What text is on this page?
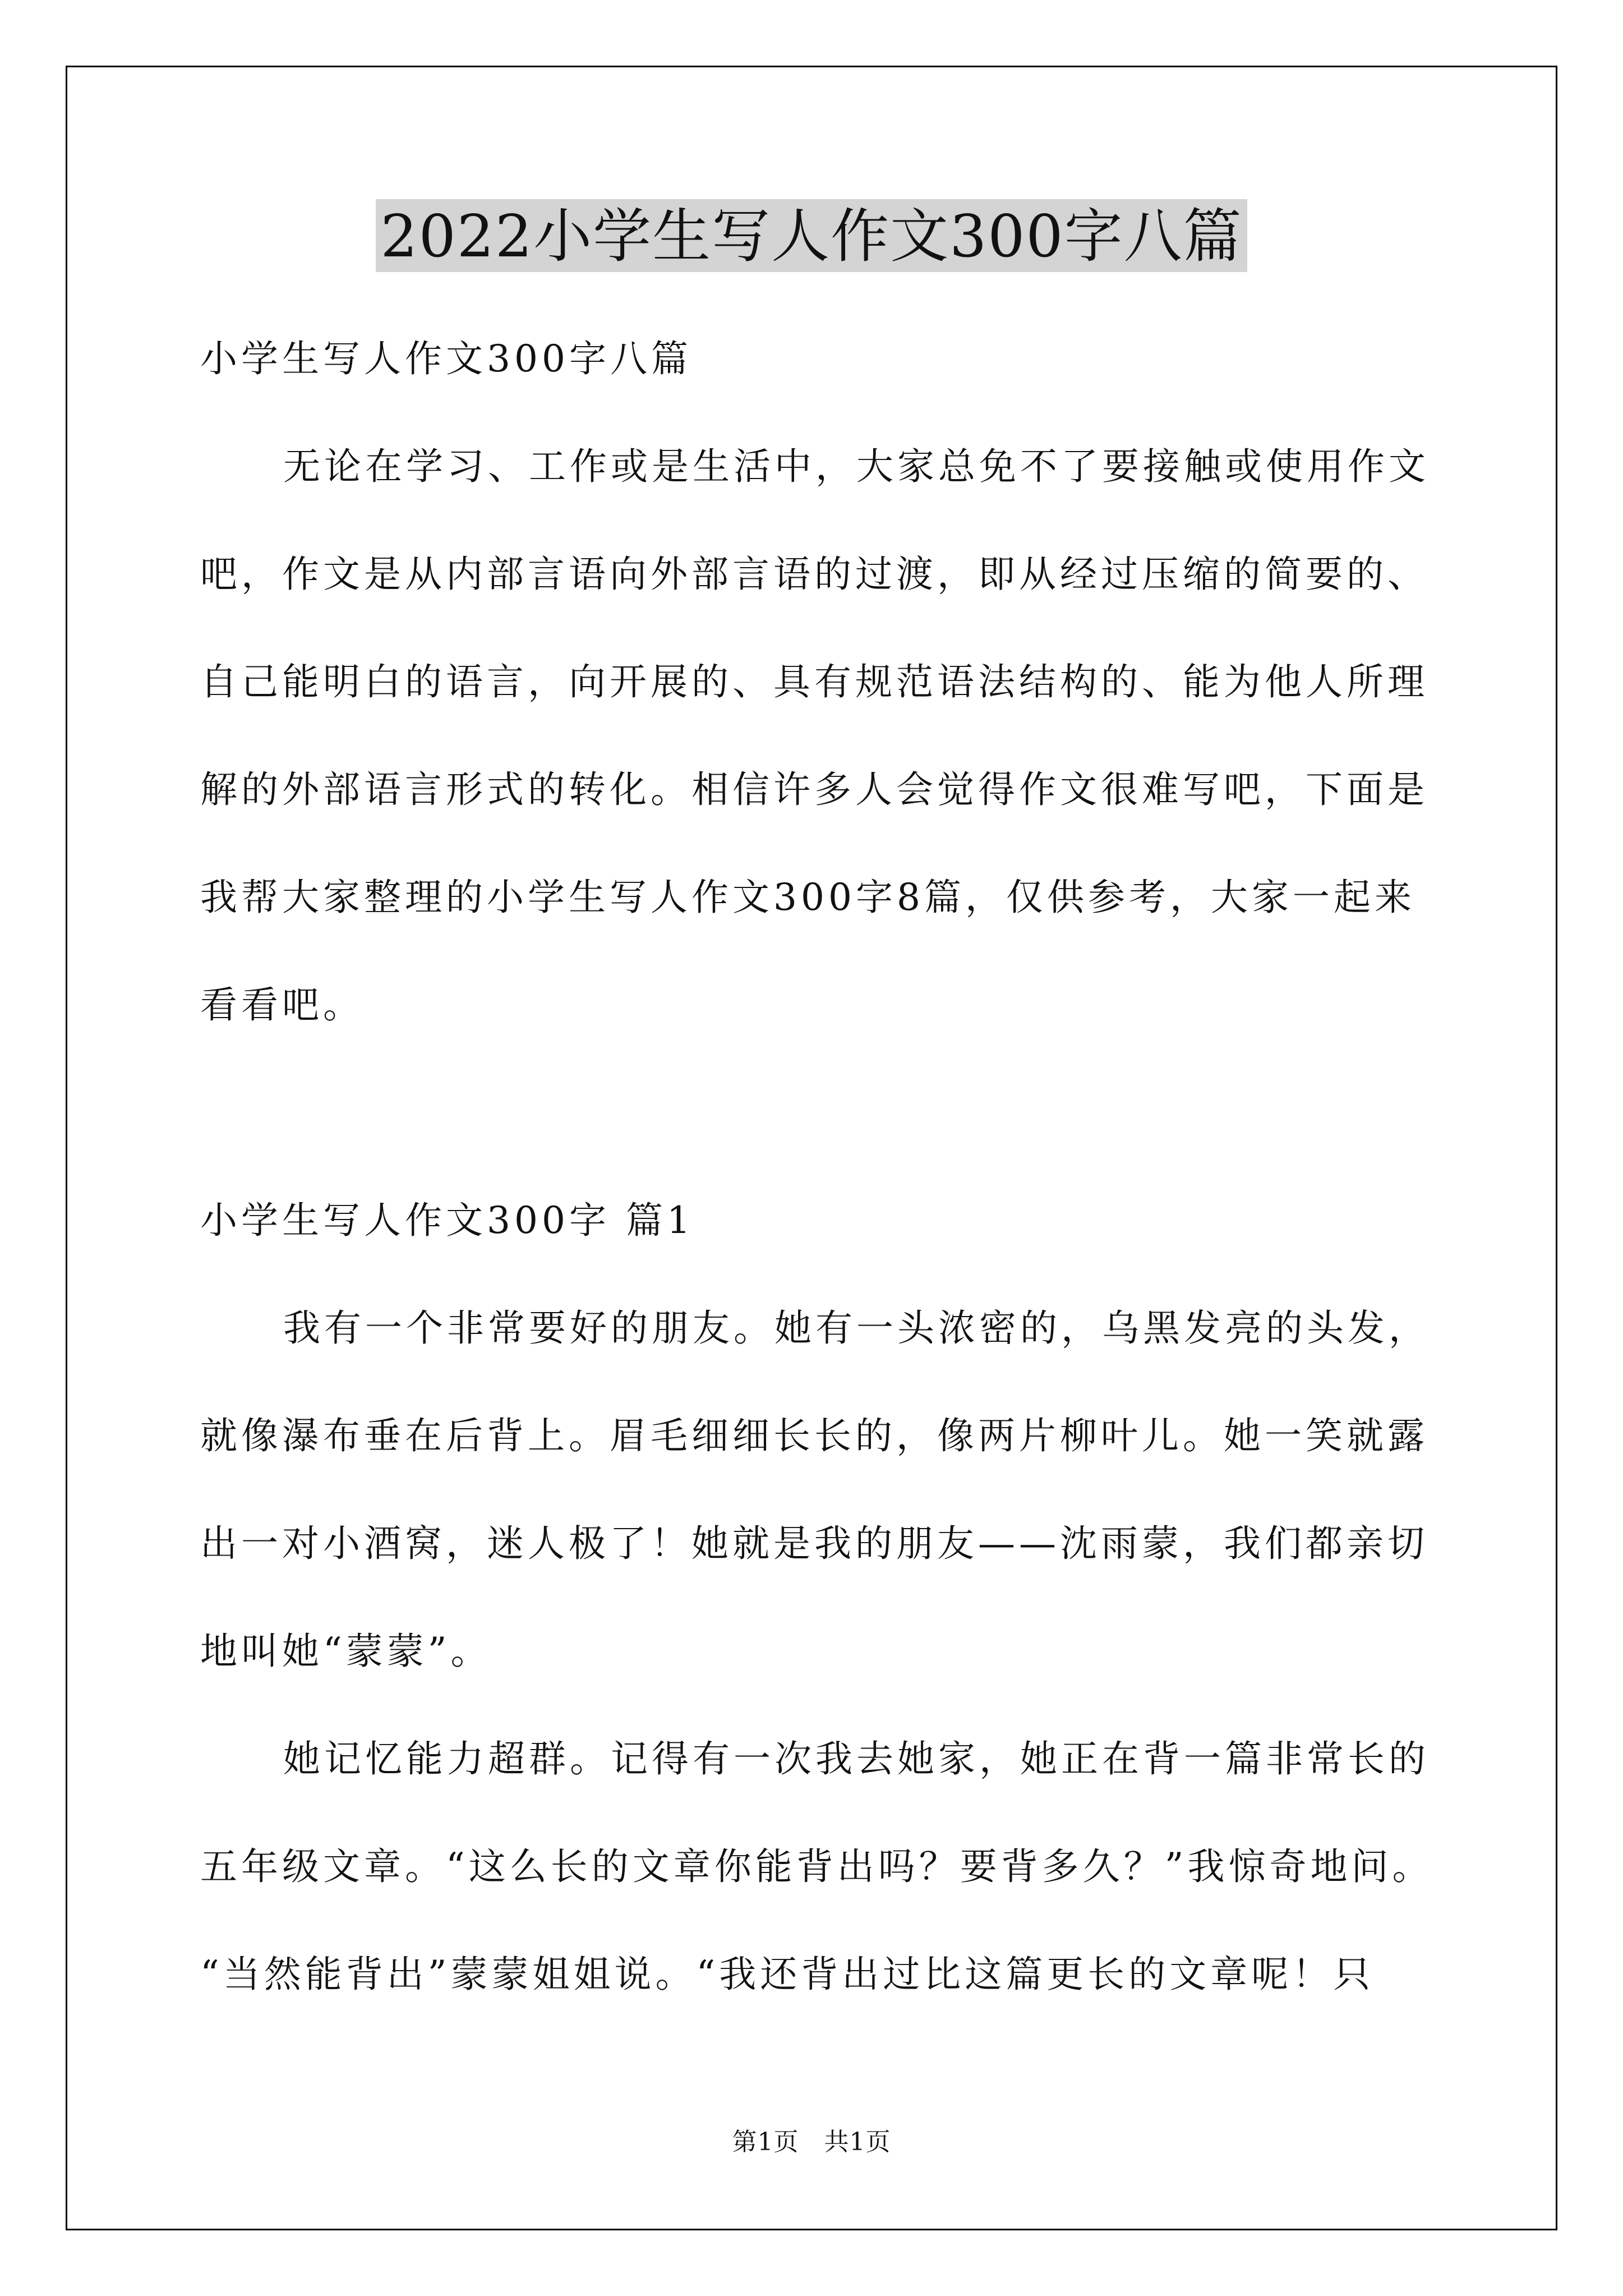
2022小学生写人作文300字八篇
小学生写人作文300字八篇
无论在学习、工作或是生活中，大家总免不了要接触或使用作文
吧，作文是从内部言语向外部言语的过渡，即从经过压缩的简要的、
自己能明白的语言，向开展的、具有规范语法结构的、能为他人所理
解的外部语言形式的转化。相信许多人会觉得作文很难写吧，下面是
我帮大家整理的小学生写人作文300字8篇，仅供参考，大家一起来
看看吧。
小学生写人作文300字 篇1
我有一个非常要好的朋友。她有一头浓密的，乌黑发亮的头发，
就像瀑布垂在后背上。眉毛细细长长的，像两片柳叶儿。她一笑就露
出一对小酒窝，迷人极了！她就是我的朋友——沈雨蒙，我们都亲切
地叫她“蒙蒙”。
她记忆能力超群。记得有一次我去她家，她正在背一篇非常长的
五年级文章。“这么长的文章你能背出吗？要背多久？”我惊奇地问。
“当然能背出”蒙蒙姐姐说。“我还背出过比这篇更长的文章呢！只
第1页　共1页
